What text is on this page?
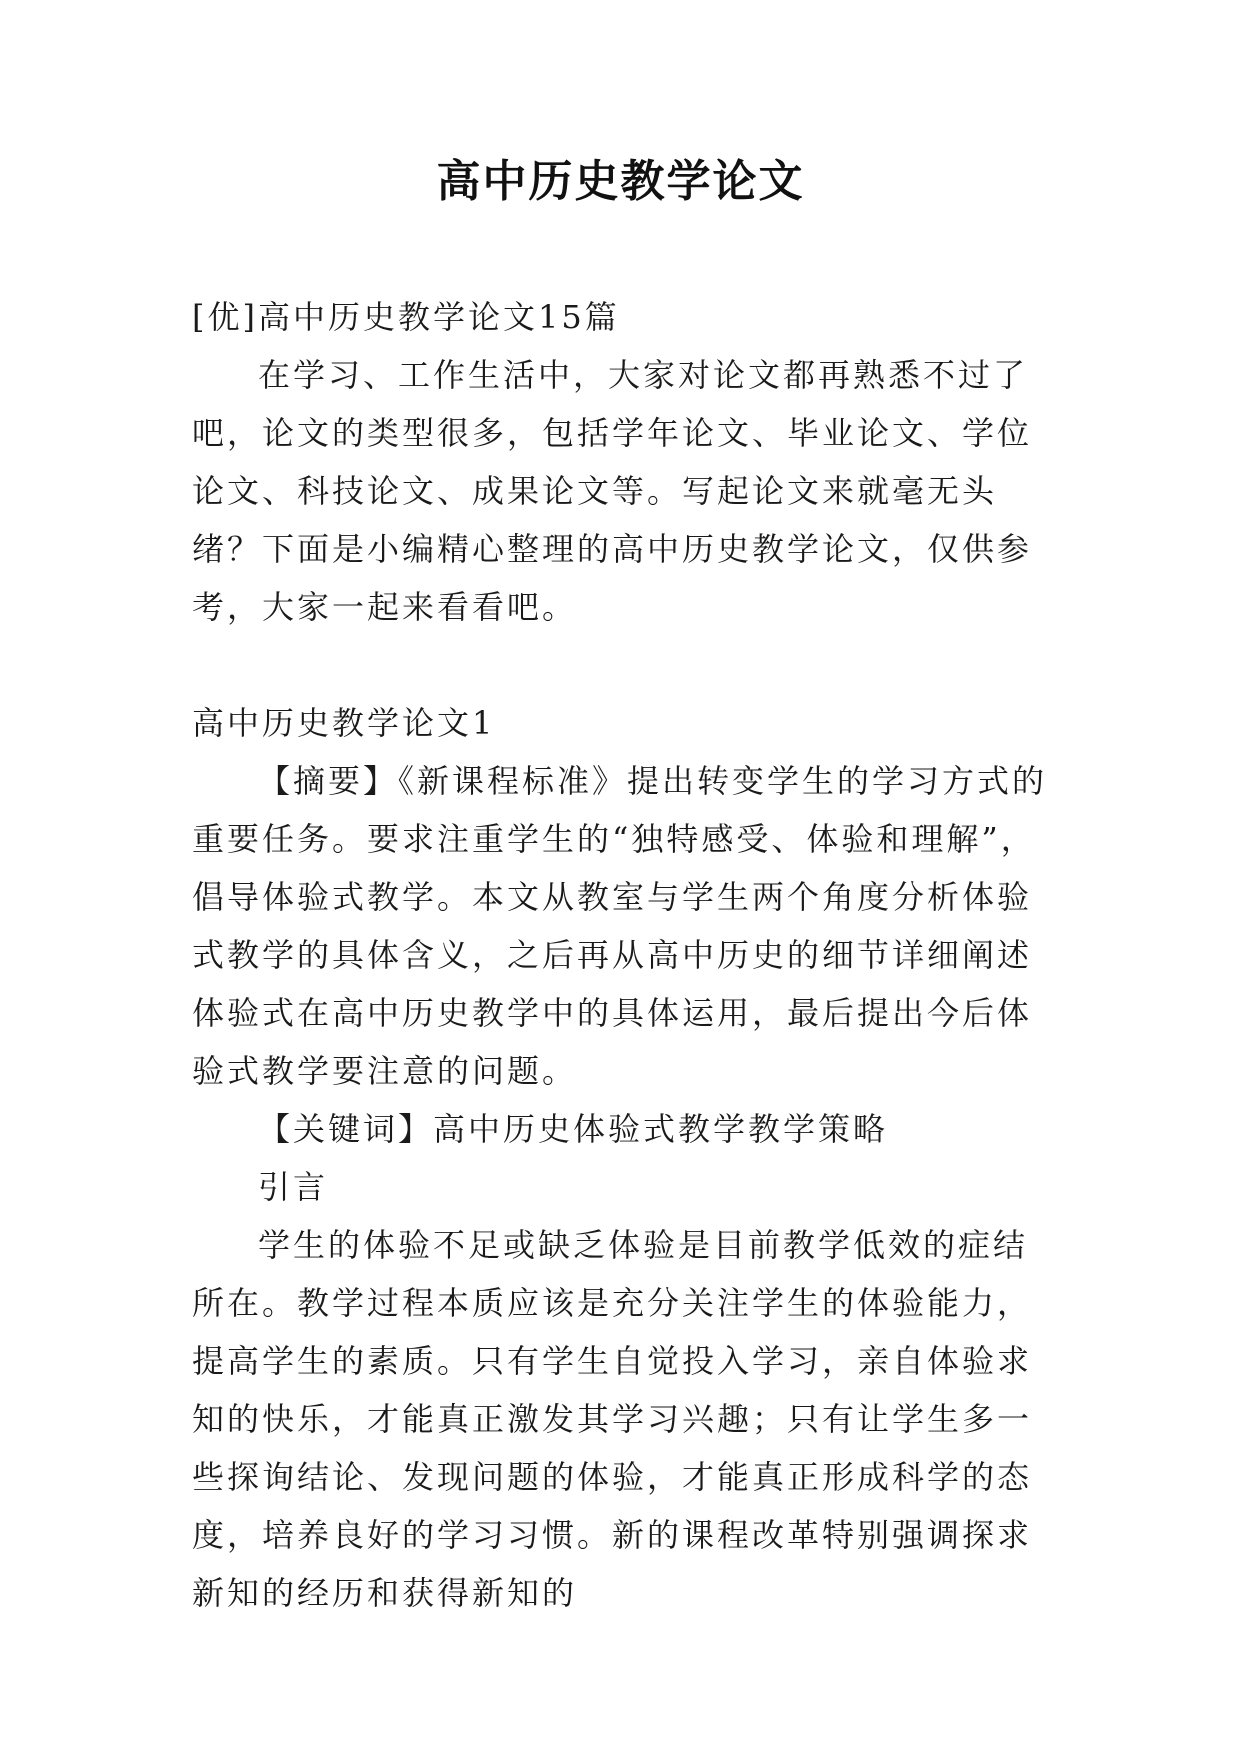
高中历史教学论文

[优]高中历史教学论文15篇

在学习、工作生活中，大家对论文都再熟悉不过了吧，论文的类型很多，包括学年论文、毕业论文、学位论文、科技论文、成果论文等。写起论文来就毫无头绪？下面是小编精心整理的高中历史教学论文，仅供参考，大家一起来看看吧。

高中历史教学论文1

【摘要】《新课程标准》提出转变学生的学习方式的重要任务。要求注重学生的“独特感受、体验和理解”，倡导体验式教学。本文从教室与学生两个角度分析体验式教学的具体含义，之后再从高中历史的细节详细阐述体验式在高中历史教学中的具体运用，最后提出今后体验式教学要注意的问题。

【关键词】高中历史体验式教学教学策略

引言

学生的体验不足或缺乏体验是目前教学低效的症结所在。教学过程本质应该是充分关注学生的体验能力，提高学生的素质。只有学生自觉投入学习，亲自体验求知的快乐，才能真正激发其学习兴趣；只有让学生多一些探询结论、发现问题的体验，才能真正形成科学的态度，培养良好的学习习惯。新的课程改革特别强调探求新知的经历和获得新知的
